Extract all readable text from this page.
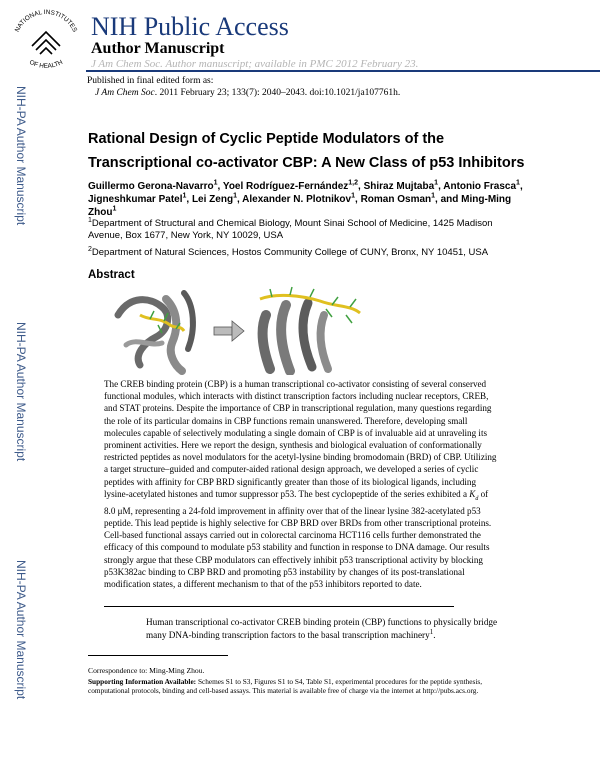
NATIONAL INSTITUTES
OF HEALTH
NIH Public Access
Author Manuscript
J Am Chem Soc. Author manuscript; available in PMC 2012 February 23.
Published in final edited form as:
J Am Chem Soc. 2011 February 23; 133(7): 2040–2043. doi:10.1021/ja107761h.
NIH-PA Author Manuscript
NIH-PA Author Manuscript
NIH-PA Author Manuscript
Rational Design of Cyclic Peptide Modulators of the
Transcriptional co-activator CBP: A New Class of p53 Inhibitors
Guillermo Gerona-Navarro$^1$, Yoel Rodríguez-Fernández$^{1,2}$, Shiraz Mujtaba$^1$, Antonio Frasca$^1$, Jigneshkumar Patel$^1$, Lei Zeng$^1$, Alexander N. Plotnikov$^1$, Roman Osman$^1$, and Ming-Ming Zhou$^1$
$^1$Department of Structural and Chemical Biology, Mount Sinai School of Medicine, 1425 Madison Avenue, Box 1677, New York, NY 10029, USA
$^2$Department of Natural Sciences, Hostos Community College of CUNY, Bronx, NY 10451, USA
Abstract
The CREB binding protein (CBP) is a human transcriptional co-activator consisting of several conserved functional modules, which interacts with distinct transcription factors including nuclear receptors, CREB, and STAT proteins. Despite the importance of CBP in transcriptional regulation, many questions regarding the role of its particular domains in CBP functions remain unanswered. Therefore, developing small molecules capable of selectively modulating a single domain of CBP is of invaluable aid at unraveling its prominent activities. Here we report the design, synthesis and biological evaluation of conformationally restricted peptides as novel modulators for the acetyl-lysine binding bromodomain (BRD) of CBP. Utilizing a target structure–guided and computer-aided rational design approach, we developed a series of cyclic peptides with affinity for CBP BRD significantly greater than those of its biological ligands, including lysine-acetylated histones and tumor suppressor p53. The best cyclopeptide of the series exhibited a $K_d$ of 8.0 μM, representing a 24-fold improvement in affinity over that of the linear lysine 382-acetylated p53 peptide. This lead peptide is highly selective for CBP BRD over BRDs from other transcriptional proteins. Cell-based functional assays carried out in colorectal carcinoma HCT116 cells further demonstrated the efficacy of this compound to modulate p53 stability and function in response to DNA damage. Our results strongly argue that these CBP modulators can effectively inhibit p53 transcriptional activity by blocking p53K382ac binding to CBP BRD and promoting p53 instability by changes of its post-translational modification states, a different mechanism to that of the p53 inhibitors reported to date.
Human transcriptional co-activator CREB binding protein (CBP) functions to physically bridge many DNA-binding transcription factors to the basal transcription machinery$^1$.
Correspondence to: Ming-Ming Zhou.
Supporting Information Available: Schemes S1 to S3, Figures S1 to S4, Table S1, experimental procedures for the peptide synthesis, computational protocols, binding and cell-based assays. This material is available free of charge via the internet at http://pubs.acs.org.
